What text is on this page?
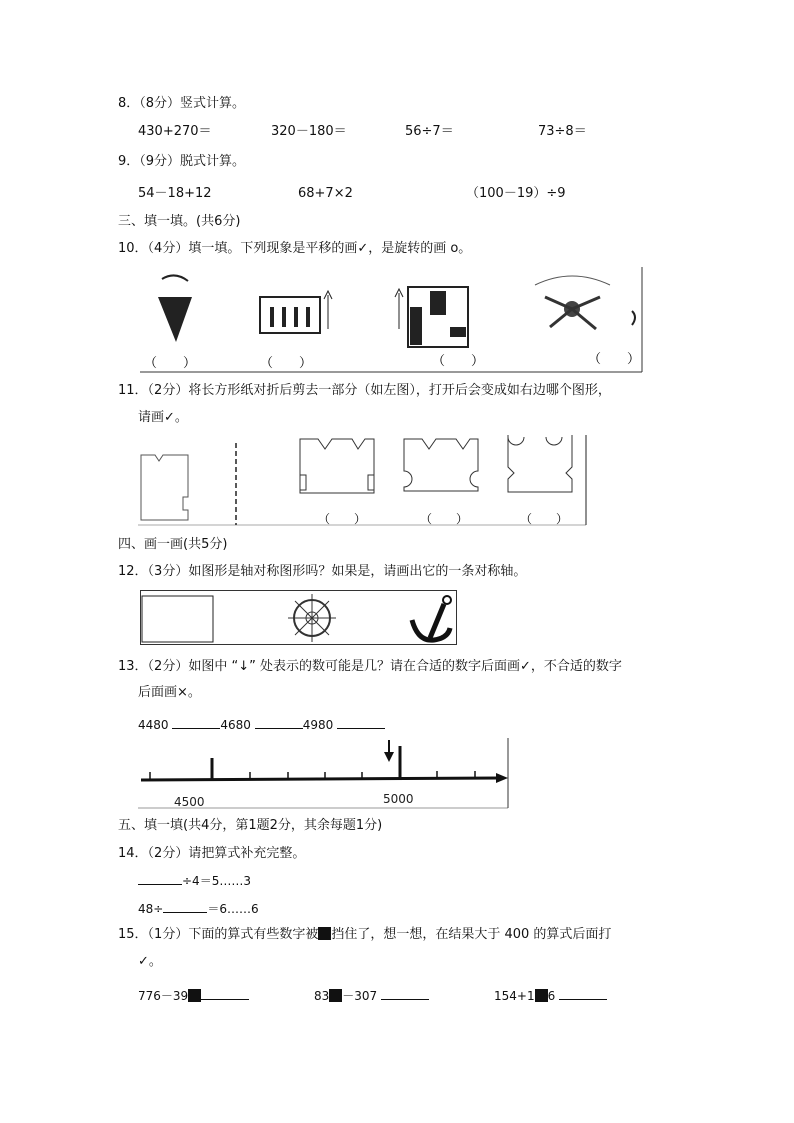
8．（8分）竖式计算。
430+270＝	320－180＝	56÷7＝	73÷8＝
9．（9分）脱式计算。
54－18+12	68+7×2	（100－19）÷9
三、填一填。(共6分)
10．（4分）填一填。下列现象是平移的画✓，是旋转的画 o。
（　　）	（　　）	（　　）	（　　）
11．（2分）将长方形纸对折后剪去一部分（如左图），打开后会变成如右边哪个图形，
请画✓。
（　　）	（　　）	（　　）
四、画一画(共5分)
12．（3分）如图形是轴对称图形吗？如果是，请画出它的一条对称轴。
13．（2分）如图中 “↓” 处表示的数可能是几？请在合适的数字后面画✓，不合适的数字
后面画×。
4480	4680	4980
4500	5000
五、填一填(共4分，第1题2分，其余每题1分)
14．（2分）请把算式补充完整。
÷4＝5……3
48÷	＝6……6
15．（1分）下面的算式有些数字被 挡住了，想一想，在结果大于 400 的算式后面打
✓。
776－39	83 －307	154+1 6
